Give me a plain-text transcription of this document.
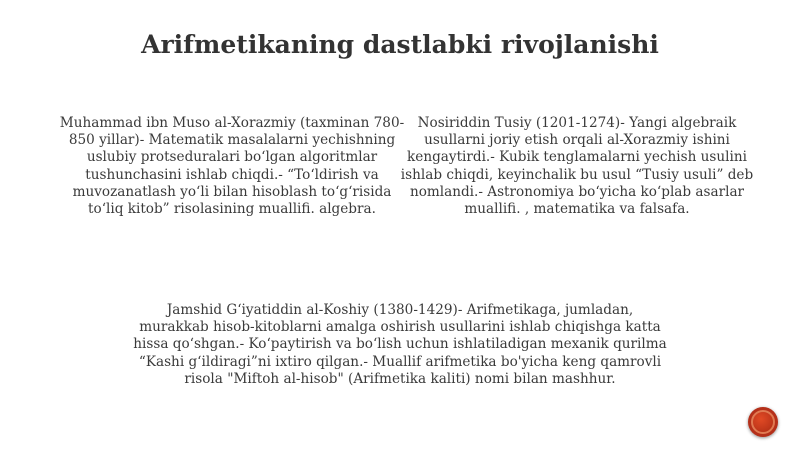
Arifmetikaning dastlabki rivojlanishi

Muhammad ibn Muso al-Xorazmiy (taxminan 780-850 yillar)- Matematik masalalarni yechishning uslubiy protseduralari bo‘lgan algoritmlar tushunchasini ishlab chiqdi.- “To‘ldirish va muvozanatlash yo‘li bilan hisoblash to‘g‘risida to‘liq kitob” risolasining muallifi. algebra.

Nosiriddin Tusiy (1201-1274)- Yangi algebraik usullarni joriy etish orqali al-Xorazmiy ishini kengaytirdi.- Kubik tenglamalarni yechish usulini ishlab chiqdi, keyinchalik bu usul “Tusiy usuli” deb nomlandi.- Astronomiya bo‘yicha ko‘plab asarlar muallifi. , matematika va falsafa.

Jamshid G‘iyatiddin al-Koshiy (1380-1429)- Arifmetikaga, jumladan, murakkab hisob-kitoblarni amalga oshirish usullarini ishlab chiqishga katta hissa qo‘shgan.- Ko‘paytirish va bo‘lish uchun ishlatiladigan mexanik qurilma “Kashi g‘ildiragi”ni ixtiro qilgan.- Muallif arifmetika bo'yicha keng qamrovli risola "Miftoh al-hisob" (Arifmetika kaliti) nomi bilan mashhur.
